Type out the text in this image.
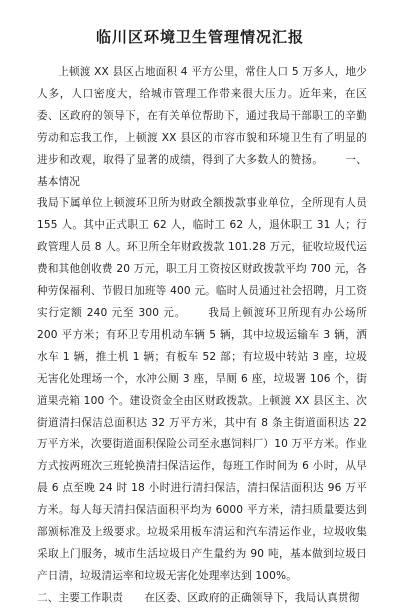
临川区环境卫生管理情况汇报

上顿渡 XX 县区占地面积 4 平方公里，常住人口 5 万多人，地少人多，人口密度大，给城市管理工作带来很大压力。近年来，在区委、区政府的领导下，在有关单位帮助下，通过我局干部职工的辛勤劳动和忘我工作，上顿渡 XX 县区的市容市貌和环境卫生有了明显的进步和改观，取得了显著的成绩，得到了大多数人的赞扬。   一、基本情况

我局下属单位上顿渡环卫所为财政全额拨款事业单位，全所现有人员 155 人。其中正式职工 62 人，临时工 62 人，退休职工 31 人；行政管理人员 8 人。环卫所全年财政拨款 101.28 万元，征收垃圾代运费和其他创收费 20 万元，职工月工资按区财政拨款平均 700 元，各种劳保福利、节假日加班等 400 元。临时人员通过社会招聘，月工资实行定额 240 元至 300 元。   我局上顿渡环卫所现有办公场所 200 平方米；有环卫专用机动车辆 5 辆，其中垃圾运输车 3 辆，洒水车 1 辆，推土机 1 辆；有板车 52 部；有垃圾中转站 3 座，垃圾无害化处理场一个，水冲公厕 3 座，旱厕 6 座，垃圾署 106 个，街道果壳箱 100 个。建设资金全由区财政拨款。上顿渡 XX 县区主、次街道清扫保洁总面积达 32 万平方米，其中有 8 条主街道面积达 22 万平方米，次要街道面积保险公司至永惠饲料厂）10 万平方米。作业方式按两班次三班轮换清扫保洁运作，每班工作时间为 6 小时，从早晨 6 点至晚 24 时 18 小时进行清扫保洁，清扫保洁面积达 96 万平方米。每人每天清扫保洁面积平均为 6000 平方米，清扫质量要达到部颁标准及上级要求。垃圾采用板车清运和汽车清运作业，垃圾收集采取上门服务，城市生活垃圾日产生量约为 90 吨，基本做到垃圾日产日清，垃圾清运率和垃圾无害化处理率达到 100%。

二、主要工作职责   在区委、区政府的正确领导下，我局认真贯彻
